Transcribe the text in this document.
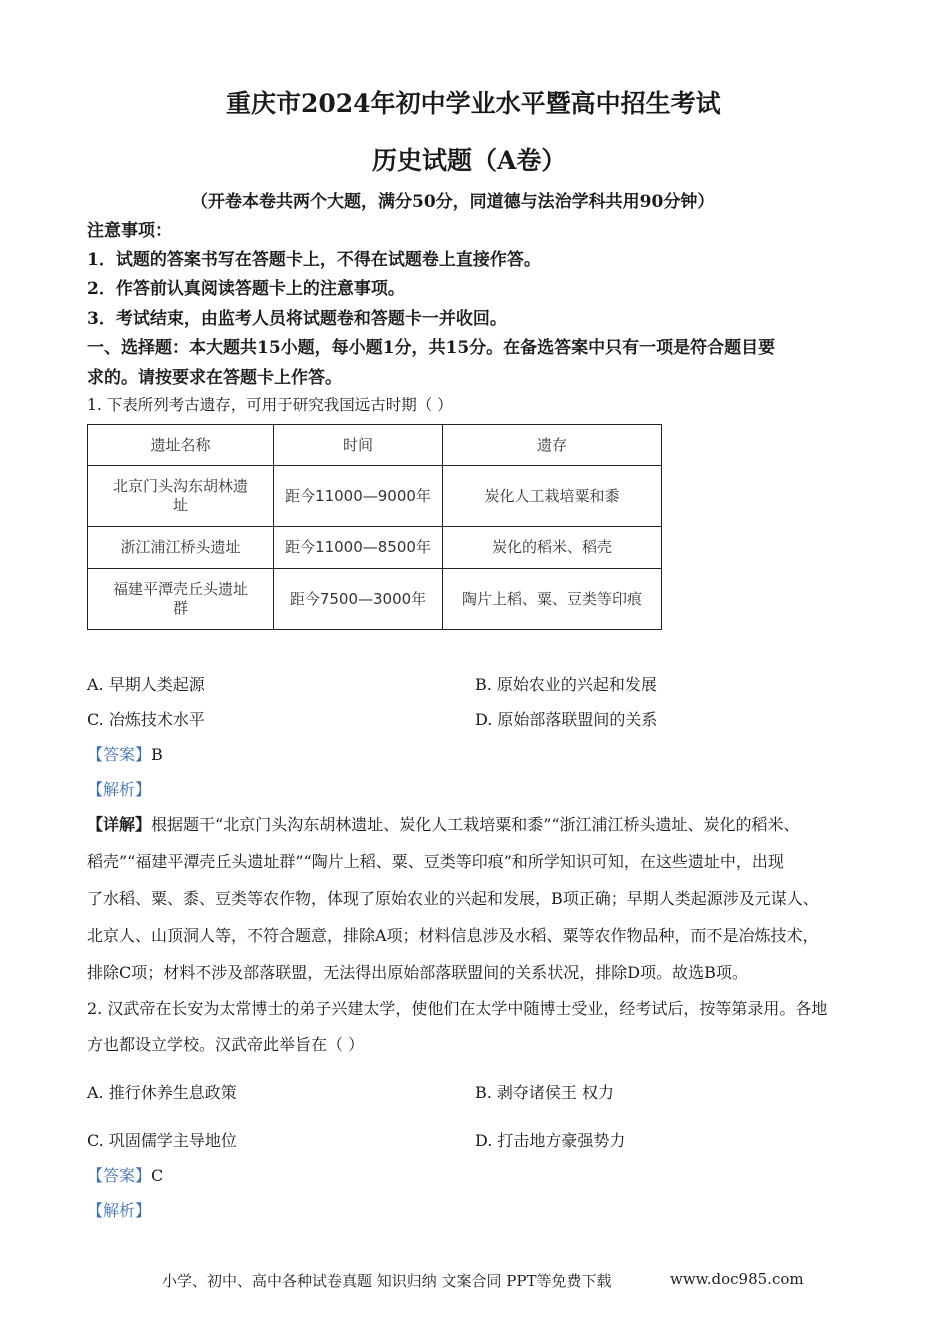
重庆市2024年初中学业水平暨高中招生考试
历史试题（A卷）
（开卷本卷共两个大题，满分50分，同道德与法治学科共用90分钟）
注意事项：
1．试题的答案书写在答题卡上，不得在试题卷上直接作答。
2．作答前认真阅读答题卡上的注意事项。
3．考试结束，由监考人员将试题卷和答题卡一并收回。
一、选择题：本大题共15小题，每小题1分，共15分。在备选答案中只有一项是符合题目要
求的。请按要求在答题卡上作答。
1. 下表所列考古遗存，可用于研究我国远古时期（ ）
遗址名称	时间	遗存
北京门头沟东胡林遗
址	距今11000—9000年	炭化人工栽培粟和黍
浙江浦江桥头遗址	距今11000—8500年	炭化的稻米、稻壳
福建平潭壳丘头遗址
群	距今7500—3000年	陶片上稻、粟、豆类等印痕
A. 早期人类起源	B. 原始农业的兴起和发展
C. 冶炼技术水平	D. 原始部落联盟间的关系
【答案】B
【解析】
【详解】根据题干“北京门头沟东胡林遗址、炭化人工栽培粟和黍”“浙江浦江桥头遗址、炭化的稻米、
稻壳”“福建平潭壳丘头遗址群”“陶片上稻、粟、豆类等印痕”和所学知识可知，在这些遗址中，出现
了水稻、粟、黍、豆类等农作物，体现了原始农业的兴起和发展，B项正确；早期人类起源涉及元谋人、
北京人、山顶洞人等，不符合题意，排除A项；材料信息涉及水稻、粟等农作物品种，而不是冶炼技术，
排除C项；材料不涉及部落联盟，无法得出原始部落联盟间的关系状况，排除D项。故选B项。
2. 汉武帝在长安为太常博士的弟子兴建太学，使他们在太学中随博士受业，经考试后，按等第录用。各地
方也都设立学校。汉武帝此举旨在（ ）
A. 推行休养生息政策	B. 剥夺诸侯王 权力
C. 巩固儒学主导地位	D. 打击地方豪强势力
【答案】C
【解析】
小学、初中、高中各种试卷真题 知识归纳 文案合同 PPT等免费下载	www.doc985.com
